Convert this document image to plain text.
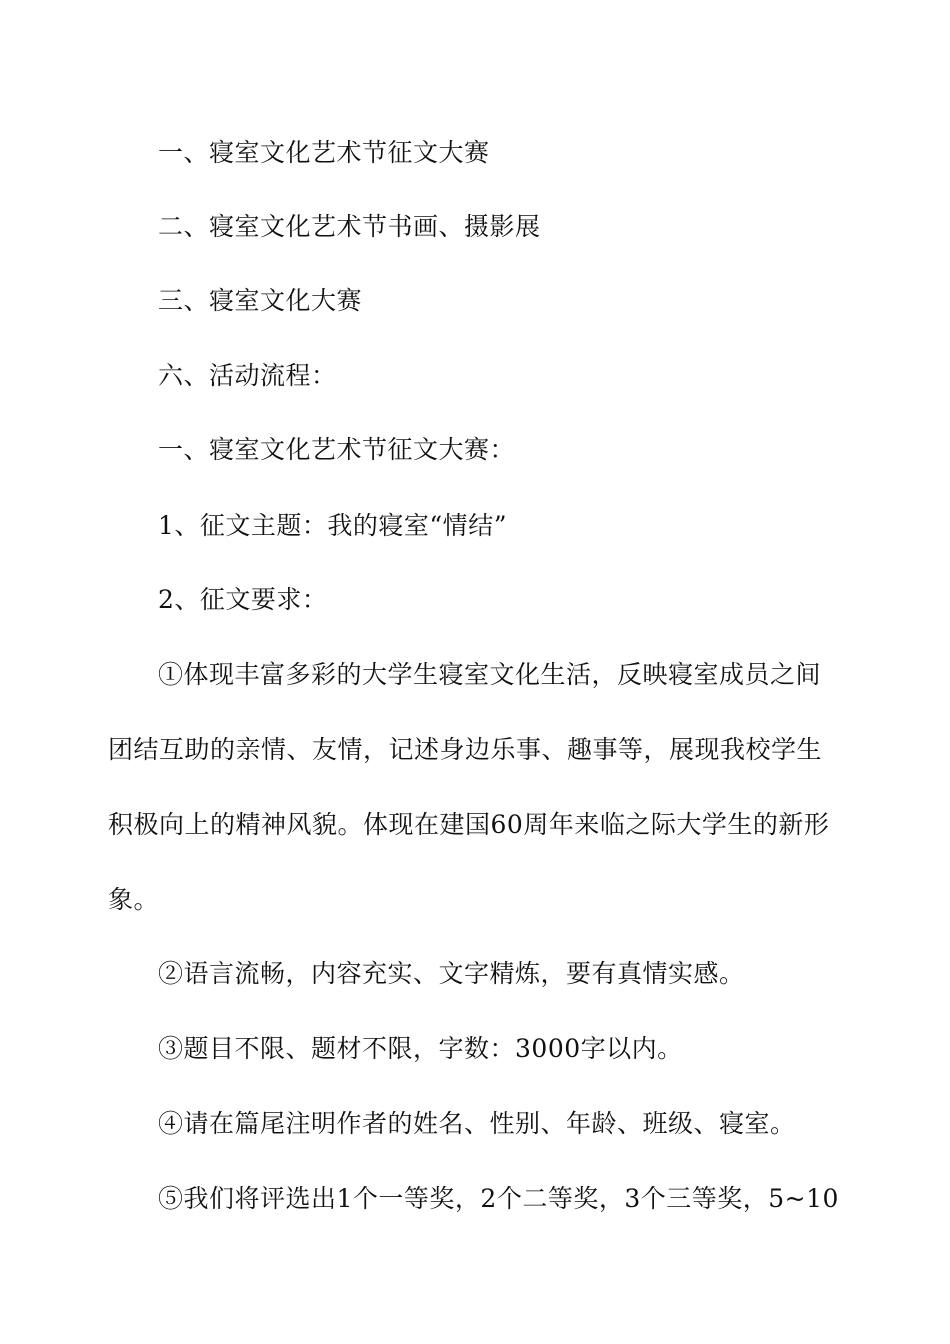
一、寝室文化艺术节征文大赛
二、寝室文化艺术节书画、摄影展
三、寝室文化大赛
六、活动流程：
一、寝室文化艺术节征文大赛：
1、征文主题：我的寝室“情结”
2、征文要求：
①体现丰富多彩的大学生寝室文化生活，反映寝室成员之间
团结互助的亲情、友情，记述身边乐事、趣事等，展现我校学生
积极向上的精神风貌。体现在建国60周年来临之际大学生的新形
象。
②语言流畅，内容充实、文字精炼，要有真情实感。
③题目不限、题材不限，字数：3000字以内。
④请在篇尾注明作者的姓名、性别、年龄、班级、寝室。
⑤我们将评选出1个一等奖，2个二等奖，3个三等奖，5~10
